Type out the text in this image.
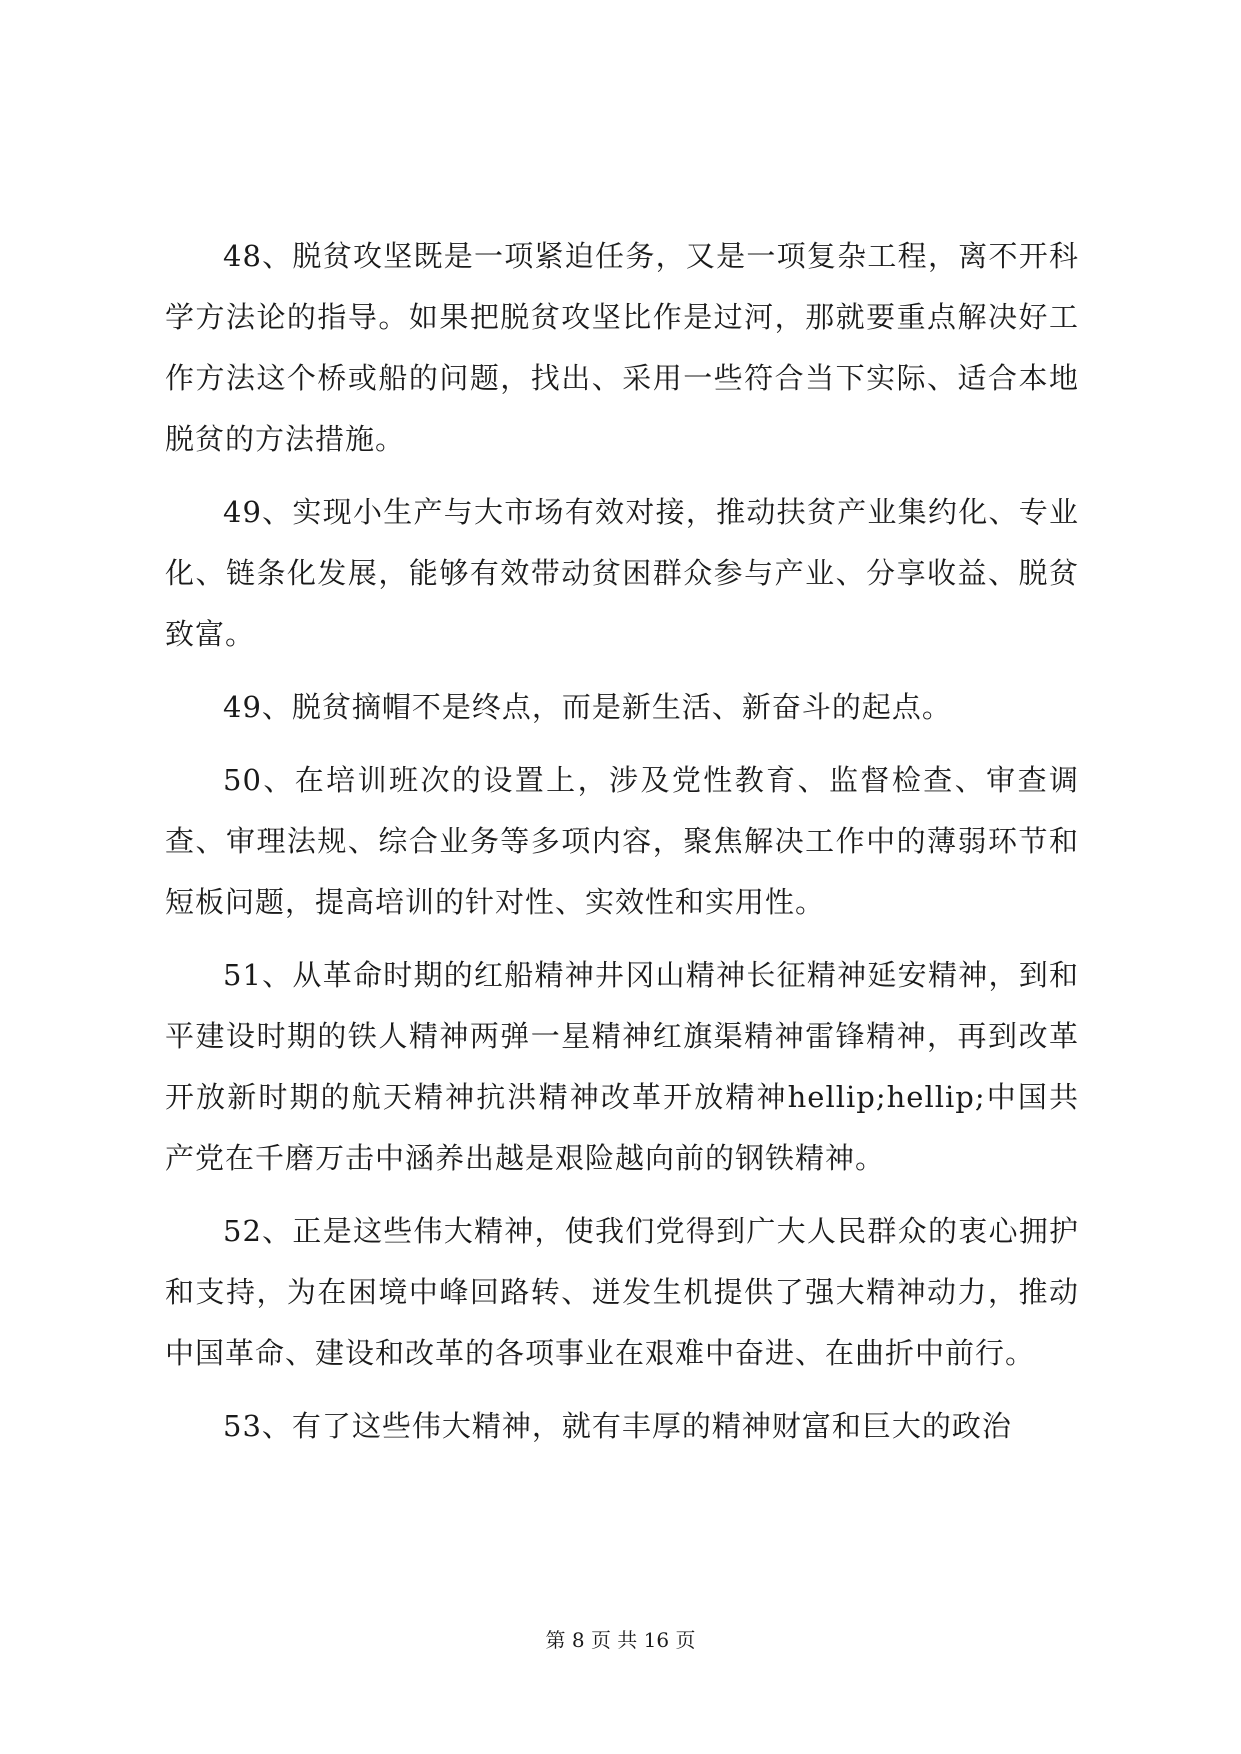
48、脱贫攻坚既是一项紧迫任务，又是一项复杂工程，离不开科学方法论的指导。如果把脱贫攻坚比作是过河，那就要重点解决好工作方法这个桥或船的问题，找出、采用一些符合当下实际、适合本地脱贫的方法措施。

49、实现小生产与大市场有效对接，推动扶贫产业集约化、专业化、链条化发展，能够有效带动贫困群众参与产业、分享收益、脱贫致富。

49、脱贫摘帽不是终点，而是新生活、新奋斗的起点。

50、在培训班次的设置上，涉及党性教育、监督检查、审查调查、审理法规、综合业务等多项内容，聚焦解决工作中的薄弱环节和短板问题，提高培训的针对性、实效性和实用性。

51、从革命时期的红船精神井冈山精神长征精神延安精神，到和平建设时期的铁人精神两弹一星精神红旗渠精神雷锋精神，再到改革开放新时期的航天精神抗洪精神改革开放精神hellip;hellip;中国共产党在千磨万击中涵养出越是艰险越向前的钢铁精神。

52、正是这些伟大精神，使我们党得到广大人民群众的衷心拥护和支持，为在困境中峰回路转、迸发生机提供了强大精神动力，推动中国革命、建设和改革的各项事业在艰难中奋进、在曲折中前行。

53、有了这些伟大精神，就有丰厚的精神财富和巨大的政治

第 8 页 共 16 页
